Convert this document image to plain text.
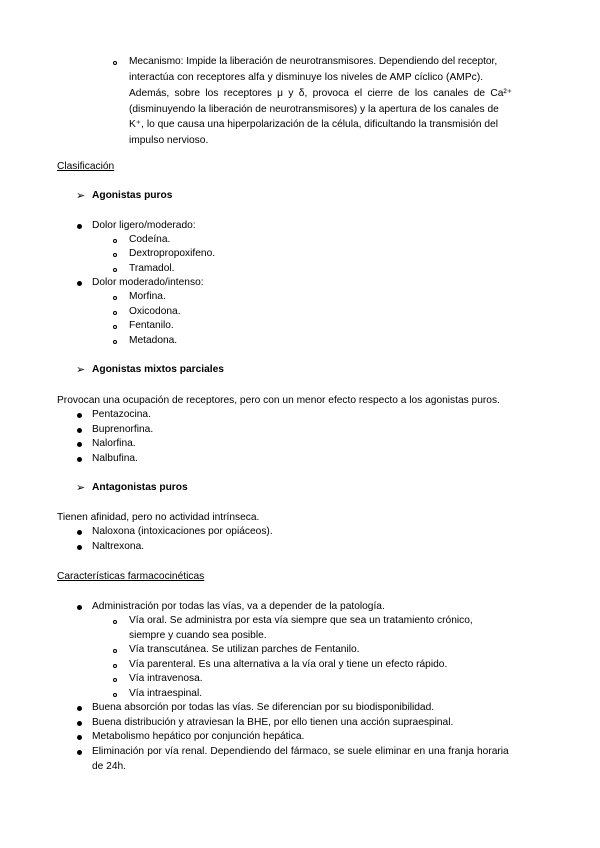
Mecanismo: Impide la liberación de neurotransmisores. Dependiendo del receptor,
interactúa con receptores alfa y disminuye los niveles de AMP cíclico (AMPc).
Además, sobre los receptores μ y δ, provoca el cierre de los canales de Ca²⁺
(disminuyendo la liberación de neurotransmisores) y la apertura de los canales de
K⁺, lo que causa una hiperpolarización de la célula, dificultando la transmisión del
impulso nervioso.
Clasificación
➢ Agonistas puros
Dolor ligero/moderado:
Codeína.
Dextropropoxifeno.
Tramadol.
Dolor moderado/intenso:
Morfina.
Oxicodona.
Fentanilo.
Metadona.
➢ Agonistas mixtos parciales
Provocan una ocupación de receptores, pero con un menor efecto respecto a los agonistas puros.
Pentazocina.
Buprenorfina.
Nalorfina.
Nalbufina.
➢ Antagonistas puros
Tienen afinidad, pero no actividad intrínseca.
Naloxona (intoxicaciones por opiáceos).
Naltrexona.
Características farmacocinéticas
Administración por todas las vías, va a depender de la patología.
Vía oral. Se administra por esta vía siempre que sea un tratamiento crónico,
siempre y cuando sea posible.
Vía transcutánea. Se utilizan parches de Fentanilo.
Vía parenteral. Es una alternativa a la vía oral y tiene un efecto rápido.
Vía intravenosa.
Vía intraespinal.
Buena absorción por todas las vías. Se diferencian por su biodisponibilidad.
Buena distribución y atraviesan la BHE, por ello tienen una acción supraespinal.
Metabolismo hepático por conjunción hepática.
Eliminación por vía renal. Dependiendo del fármaco, se suele eliminar en una franja horaria
de 24h.
